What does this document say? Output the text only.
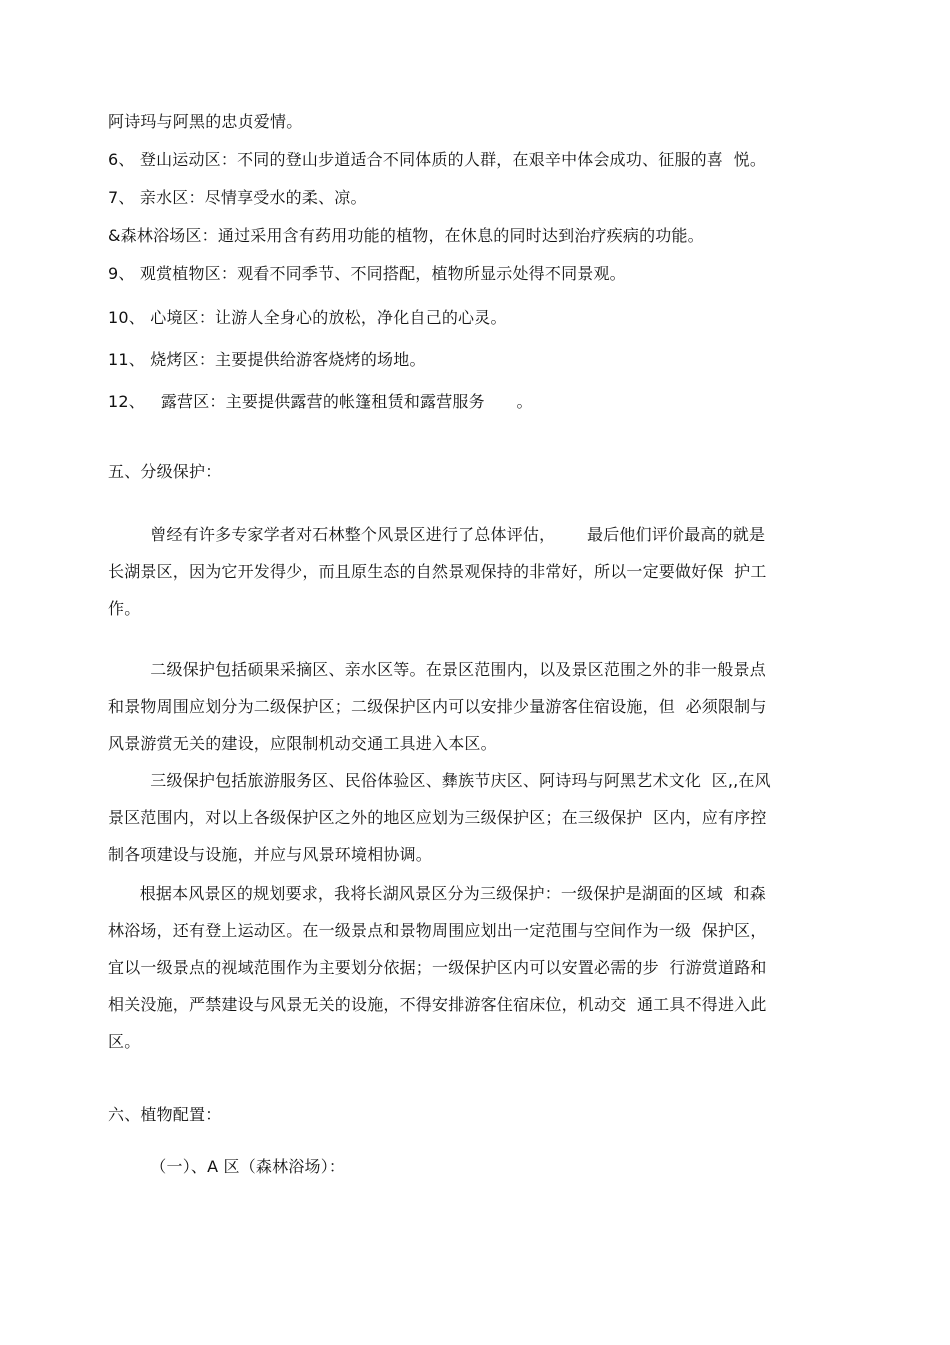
阿诗玛与阿黑的忠贞爱情。
6、 登山运动区：不同的登山步道适合不同体质的人群，在艰辛中体会成功、征服的喜  悦。
7、 亲水区：尽情享受水的柔、凉。
&森林浴场区：通过采用含有药用功能的植物，在休息的同时达到治疗疾病的功能。
9、 观赏植物区：观看不同季节、不同搭配，植物所显示处得不同景观。
10、 心境区：让游人全身心的放松，净化自己的心灵。
11、 烧烤区：主要提供给游客烧烤的场地。
12、   露营区：主要提供露营的帐篷租赁和露营服务      。
五、分级保护：
曾经有许多专家学者对石林整个风景区进行了总体评估，      最后他们评价最高的就是
长湖景区，因为它开发得少，而且原生态的自然景观保持的非常好，所以一定要做好保  护工
作。
二级保护包括硕果采摘区、亲水区等。在景区范围内，以及景区范围之外的非一般景点
和景物周围应划分为二级保护区；二级保护区内可以安排少量游客住宿设施，但  必须限制与
风景游赏无关的建设，应限制机动交通工具进入本区。
三级保护包括旅游服务区、民俗体验区、彝族节庆区、阿诗玛与阿黑艺术文化  区,,在风
景区范围内，对以上各级保护区之外的地区应划为三级保护区；在三级保护  区内，应有序控
制各项建设与设施，并应与风景环境相协调。
根据本风景区的规划要求，我将长湖风景区分为三级保护：一级保护是湖面的区域  和森
林浴场，还有登上运动区。在一级景点和景物周围应划出一定范围与空间作为一级  保护区，
宜以一级景点的视域范围作为主要划分依据；一级保护区内可以安置必需的步  行游赏道路和
相关没施，严禁建设与风景无关的设施，不得安排游客住宿床位，机动交  通工具不得进入此
区。
六、植物配置：
（一）、A 区（森林浴场）：
